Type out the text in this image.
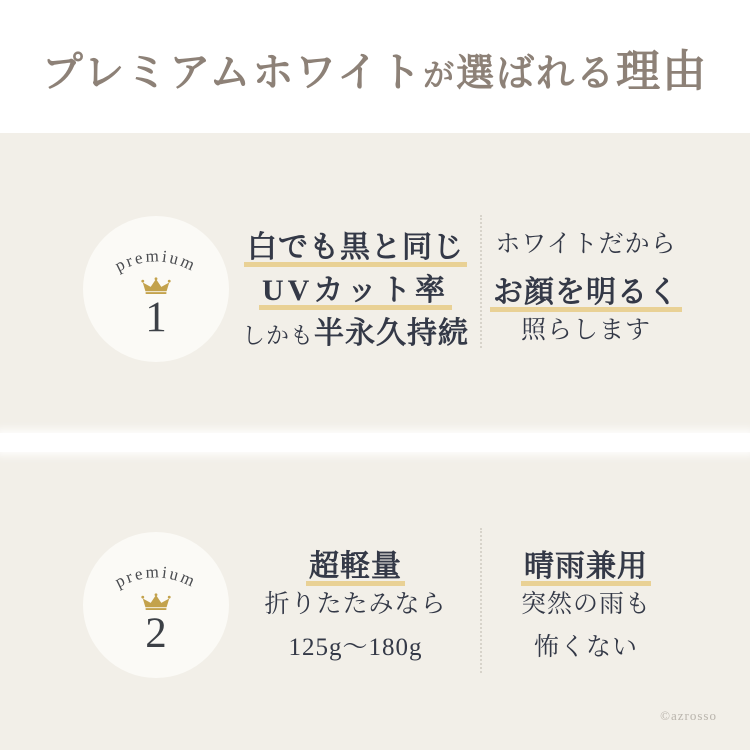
プレミアムホワイトが選ばれる理由
premium
1
白でも黒と同じ
UVカット率
しかも 半永久持続
ホワイトだから
お顔を明るく
照らします
premium
2
超軽量
折りたたみなら
125g〜180g
晴雨兼用
突然の雨も
怖くない
©azrosso
